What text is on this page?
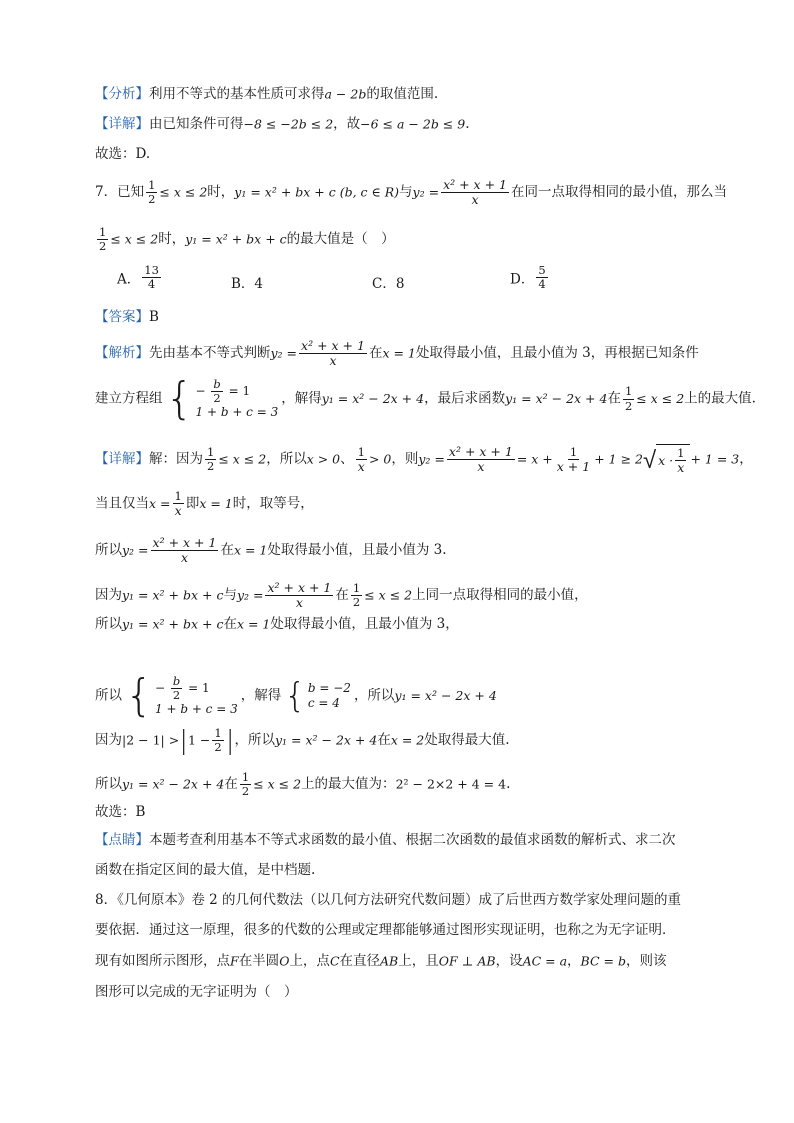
【分析】利用不等式的基本性质可求得a − 2b的取值范围.
【详解】由已知条件可得−8 ≤ −2b ≤ 2，故−6 ≤ a − 2b ≤ 9.
故选：D.
7．已知 $\frac{1}{2} \le x \le 2$时，y₁ = x² + bx + c (b, c ∈ R)与$y_2 = \frac{\text{x² + x + 1}}{x}$ 在同一点取得相同的最小值，那么当
$\frac{1}{2} \le x \le 2$时，y₁ = x² + bx + c的最大值是（　）
A． $\frac{13}{4}$	B．4	C．8	D． $\frac{5}{4}$
【答案】B
【解析】先由基本不等式判断$y_2 = \frac{\text{x² + x + 1}}{x}$ 在x = 1处取得最小值，且最小值为 3，再根据已知条件
建立方程组 { − $\frac{b}{2} = 1$
1 + b + c = 3
，解得y₁ = x² − 2x + 4，最后求函数y₁ = x² − 2x + 4在 $\frac{1}{2} \le x \le 2$上的最大值.
【详解】解：因为 $\frac{1}{2} \le x \le 2$，所以x > 0、 $\frac{1}{x} > 0$，则$y_2 = \frac{\text{x² + x + 1}}{x} = x + \frac{1}{x + 1} + 1 \ge 2$ √ $x \cdot \frac{1}{x} + 1 = 3$，
当且仅当$x = \frac{1}{x}$ 即x = 1时，取等号，
所以$y_2 = \frac{\text{x² + x + 1}}{x}$ 在x = 1处取得最小值，且最小值为 3.
因为y₁ = x² + bx + c与$y_2 = \frac{\text{x² + x + 1}}{x}$ 在 $\frac{1}{2} \le x \le 2$上同一点取得相同的最小值，
所以y₁ = x² + bx + c在x = 1处取得最小值，且最小值为 3，
所以 { − $\frac{b}{2} = 1$
1 + b + c = 3
，解得 { b = −2
c = 4	，所以y₁ = x² − 2x + 4
因为$|2 - 1| >|1 - \frac{1}{2}$ |，所以y₁ = x² − 2x + 4在x = 2处取得最大值.
所以y₁ = x² − 2x + 4在 $\frac{1}{2} \le x \le 2$上的最大值为：2² − 2×2 + 4 = 4.
故选：B
【点睛】本题考查利用基本不等式求函数的最小值、根据二次函数的最值求函数的解析式、求二次
函数在指定区间的最大值，是中档题.
8．《几何原本》卷 2 的几何代数法（以几何方法研究代数问题）成了后世西方数学家处理问题的重
要依据．通过这一原理，很多的代数的公理或定理都能够通过图形实现证明，也称之为无字证明．
现有如图所示图形，点F在半圆O上，点C在直径AB上，且OF ⊥ AB，设AC = a，BC = b，则该
图形可以完成的无字证明为（　）
